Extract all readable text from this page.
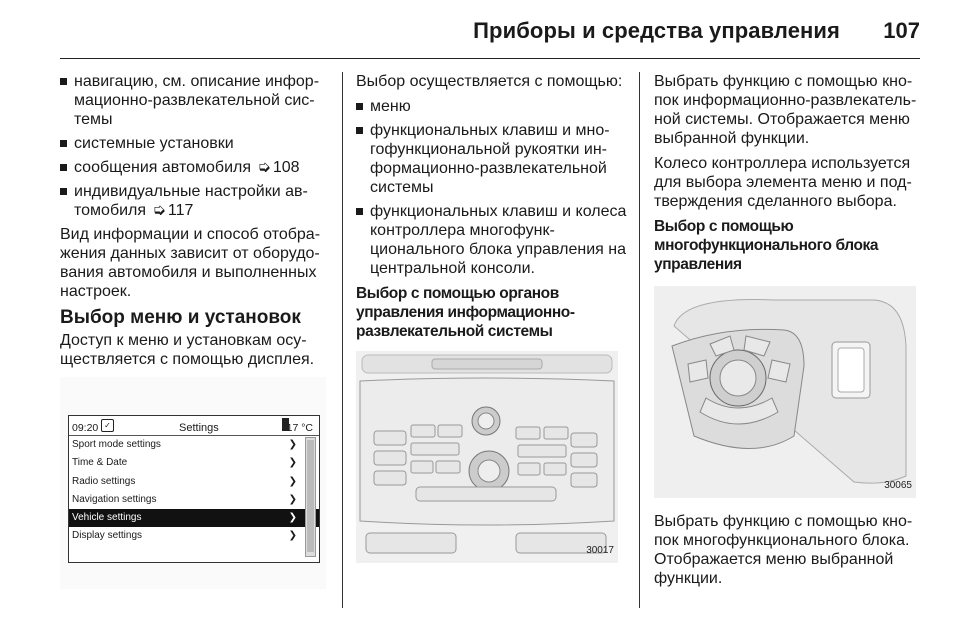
Приборы и средства управления 107
навигацию, см. описание информационно-развлекательной системы
системные установки
сообщения автомобиля ➭ 108
индивидуальные настройки автомобиля ➭ 117

Вид информации и способ отображения данных зависит от оборудования автомобиля и выполненных настроек.

Выбор меню и установок

Доступ к меню и установкам осуществляется с помощью дисплея.

09:20 ✓	Settings	17 °C
Sport mode settings	❯
Time & Date	❯
Radio settings	❯
Navigation settings	❯
Vehicle settings	❯
Display settings	❯

Выбор осуществляется с помощью:

меню
функциональных клавиш и многофункциональной рукоятки информационно-развлекательной системы
функциональных клавиш и колеса контроллера многофункционального блока управления на центральной консоли.
Выбор с помощью органов управления информационно-развлекательной системы
30017

Выбрать функцию с помощью кнопок информационно-развлекательной системы. Отображается меню выбранной функции.

Колесо контроллера используется для выбора элемента меню и подтверждения сделанного выбора.

Выбор с помощью многофункционального блока управления
30065

Выбрать функцию с помощью кнопок многофункционального блока. Отображается меню выбранной функции.
